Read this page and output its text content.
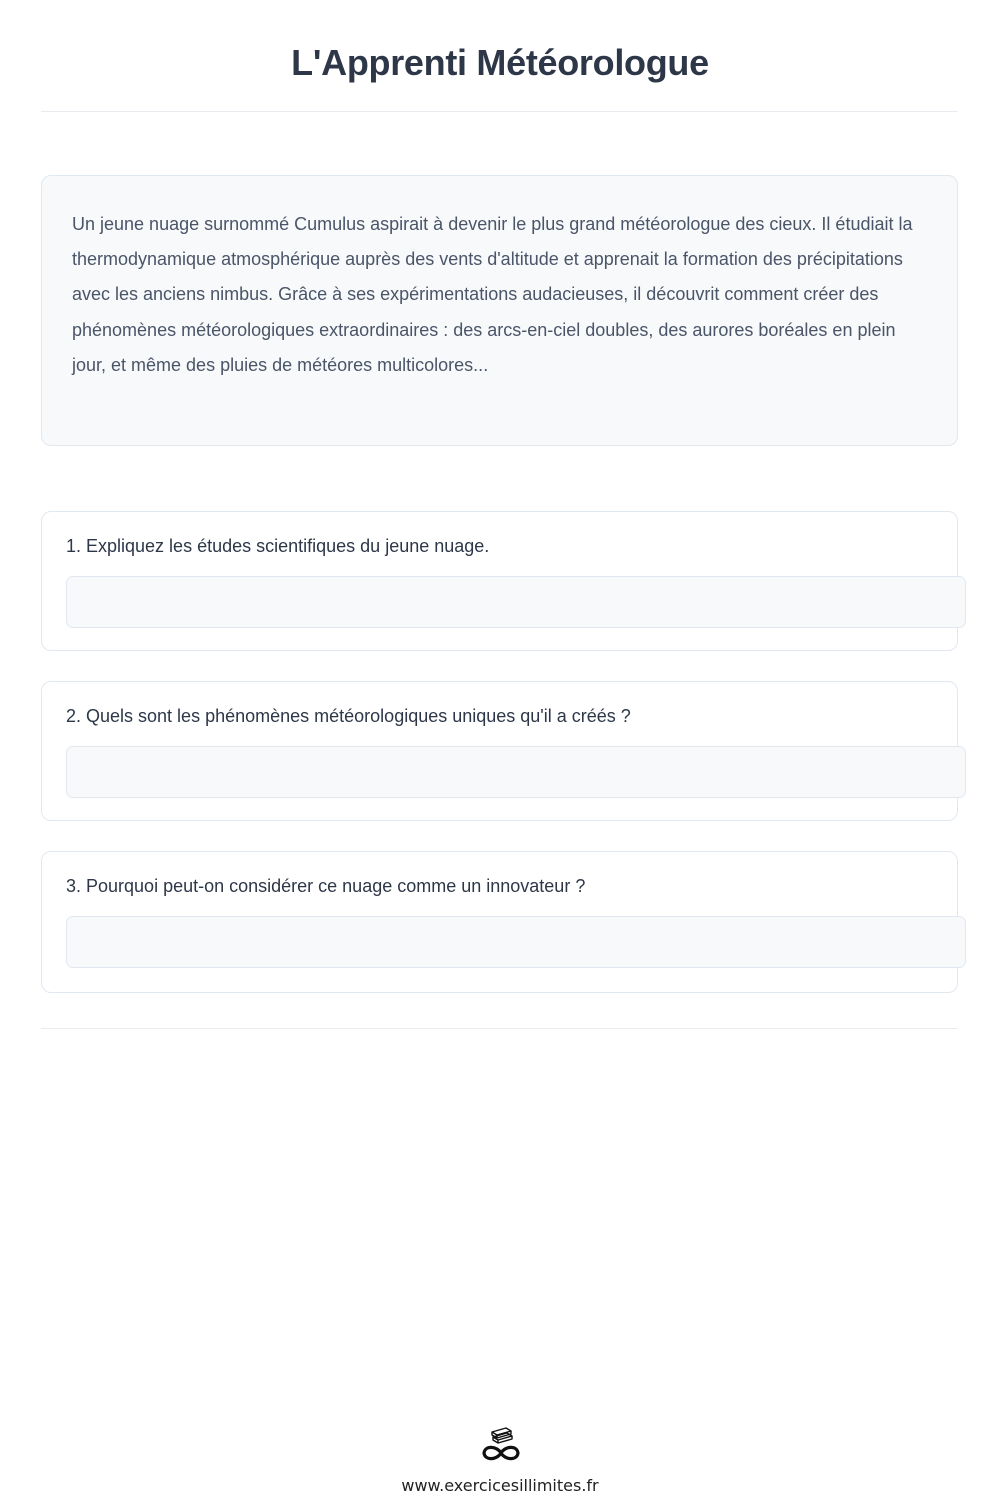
L'Apprenti Météorologue

Un jeune nuage surnommé Cumulus aspirait à devenir le plus grand météorologue des cieux. Il étudiait la thermodynamique atmosphérique auprès des vents d'altitude et apprenait la formation des précipitations avec les anciens nimbus. Grâce à ses expérimentations audacieuses, il découvrit comment créer des phénomènes météorologiques extraordinaires : des arcs-en-ciel doubles, des aurores boréales en plein jour, et même des pluies de météores multicolores...

1. Expliquez les études scientifiques du jeune nuage.
2. Quels sont les phénomènes météorologiques uniques qu'il a créés ?
3. Pourquoi peut-on considérer ce nuage comme un innovateur ?
www.exercicesillimites.fr
